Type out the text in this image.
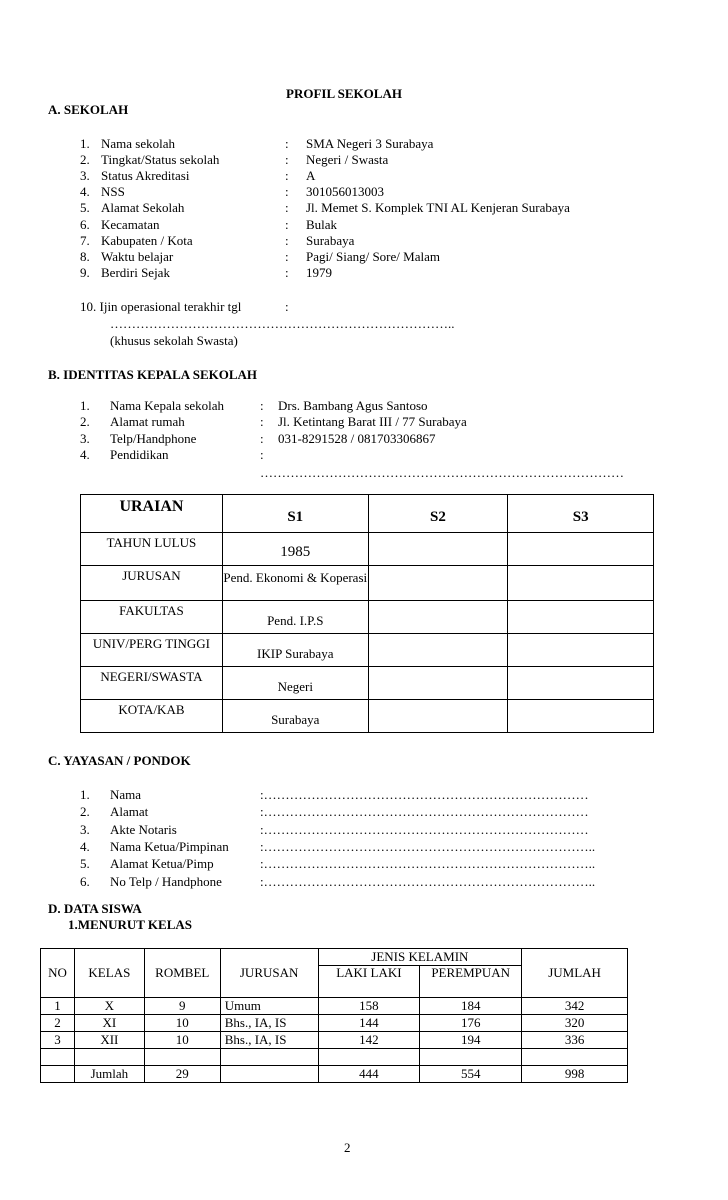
PROFIL SEKOLAH
A. SEKOLAH
1. Nama sekolah	: SMA Negeri 3 Surabaya
2. Tingkat/Status sekolah	: Negeri / Swasta
3. Status Akreditasi	: A
4. NSS	: 301056013003
5. Alamat Sekolah	: Jl. Memet S. Komplek TNI AL Kenjeran Surabaya
6. Kecamatan	: Bulak
7. Kabupaten / Kota	: Surabaya
8. Waktu belajar	: Pagi/ Siang/ Sore/ Malam
9. Berdiri Sejak	: 1979
10. Ijin operasional terakhir tgl	:
……………………………………………………………………..
(khusus sekolah Swasta)
B. IDENTITAS KEPALA SEKOLAH
1. Nama Kepala sekolah	: Drs. Bambang Agus Santoso
2. Alamat rumah	: Jl. Ketintang Barat III / 77 Surabaya
3. Telp/Handphone	: 031-8291528 / 081703306867
4. Pendidikan	:
…………………………………………………………………………
URAIAN	S1	S2	S3
TAHUN LULUS	1985		
JURUSAN	Pend. Ekonomi & Koperasi		
FAKULTAS	Pend. I.P.S		
UNIV/PERG TINGGI	IKIP Surabaya		
NEGERI/SWASTA	Negeri		
KOTA/KAB	Surabaya		
C. YAYASAN / PONDOK
1. Nama	:…………………………………………………………………
2. Alamat	:…………………………………………………………………
3. Akte Notaris	:…………………………………………………………………
4. Nama Ketua/Pimpinan :…………………………………………………………………..
5. Alamat Ketua/Pimp	:…………………………………………………………………..
6. No Telp / Handphone	:…………………………………………………………………..
D. DATA SISWA
1.MENURUT KELAS
NO	KELAS	ROMBEL	JURUSAN	JENIS KELAMIN		JUMLAH
				LAKI LAKI	PEREMPUAN	
1	X	9	Umum	158	184	342
2	XI	10	Bhs., IA, IS	144	176	320
3	XII	10	Bhs., IA, IS	142	194	336

	Jumlah	29		444	554	998
2
